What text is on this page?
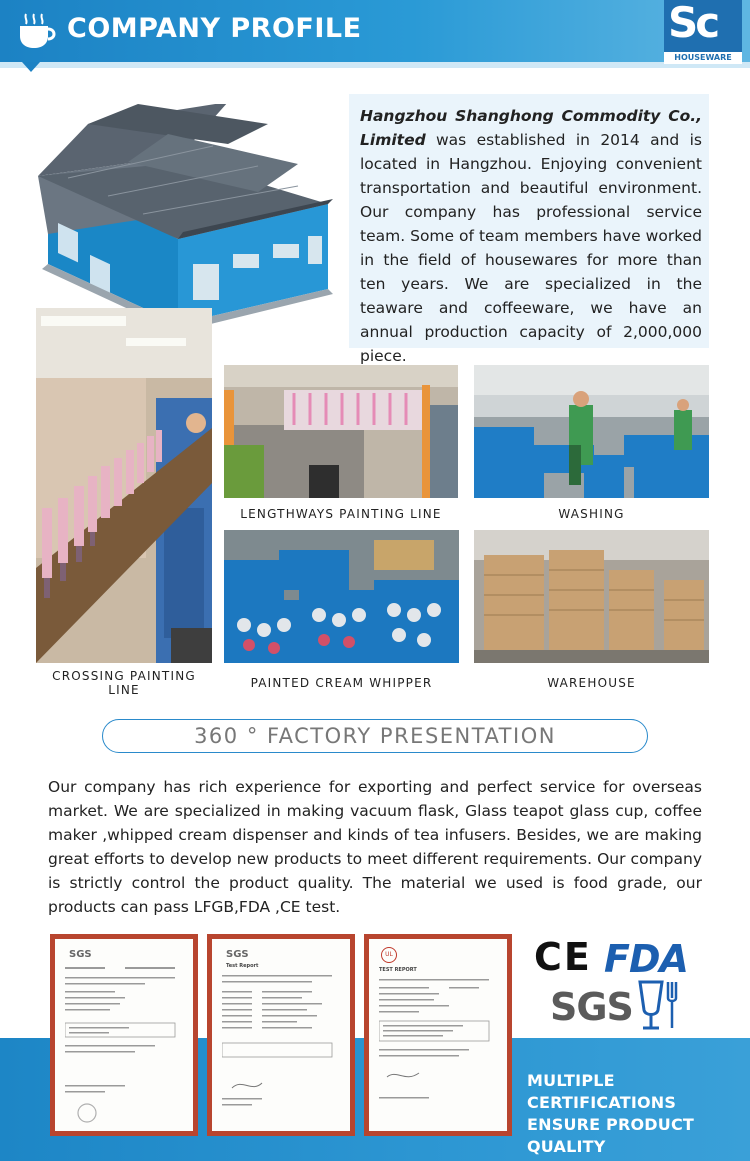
COMPANY PROFILE	Sc
HOUSEWARE

Hangzhou Shanghong Commodity Co., Limited was established in 2014 and is located in Hangzhou. Enjoying convenient transportation and beautiful environment. Our company has professional service team. Some of team members have worked in the field of housewares for more than ten years. We are specialized in the teaware and coffeeware, we have an annual production capacity of 2,000,000 piece.

CROSSING PAINTING LINE
LENGTHWAYS PAINTING LINE	WASHING
PAINTED CREAM WHIPPER	WAREHOUSE
360 ° FACTORY PRESENTATION
Our company has rich experience for exporting and perfect service for overseas market. We are specialized in making vacuum flask, Glass teapot glass cup, coffee maker ,whipped cream dispenser and kinds of tea infusers. Besides, we are making great efforts to develop new products to meet different requirements. Our company is strictly control the product quality. The material we used is food grade, our products can pass LFGB,FDA ,CE test.
SGS	SGS
Test Report
UL
TEST REPORT	CE FDA
SGS
MULTIPLE CERTIFICATIONS
ENSURE PRODUCT QUALITY
